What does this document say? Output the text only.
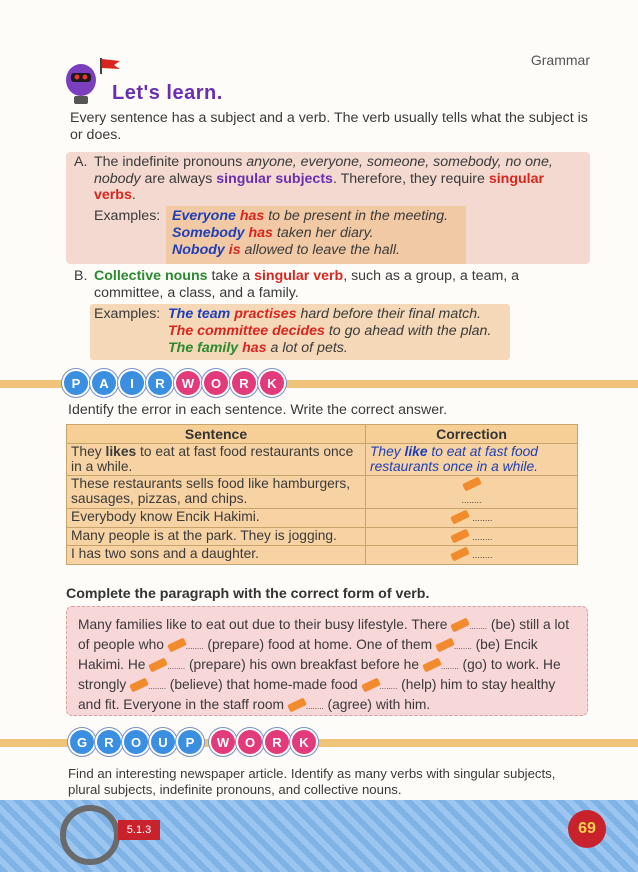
Grammar
Let's learn.
Every sentence has a subject and a verb. The verb usually tells what the subject is or does.
A. The indefinite pronouns anyone, everyone, someone, somebody, no one, nobody are always singular subjects. Therefore, they require singular verbs.
Examples: Everyone has to be present in the meeting.
Somebody has taken her diary.
Nobody is allowed to leave the hall.
B. Collective nouns take a singular verb, such as a group, a team, a committee, a class, and a family.
Examples: The team practises hard before their final match.
The committee decides to go ahead with the plan.
The family has a lot of pets.
P	A	I	R	W	O	R	K
Identify the error in each sentence. Write the correct answer.
Sentence	Correction
They likes to eat at fast food restaurants once in a while.	They like to eat at fast food restaurants once in a while.
These restaurants sells food like hamburgers, sausages, pizzas, and chips.	........
Everybody know Encik Hakimi.	........
Many people is at the park. They is jogging.	........
I has two sons and a daughter.	........
Complete the paragraph with the correct form of verb.
Many families like to eat out due to their busy lifestyle. There	........ (be) still a lot of people who	........ (prepare) food at home. One of them	........ (be) Encik Hakimi. He	........ (prepare) his own breakfast before he	........ (go) to work. He strongly	........ (believe) that home-made food	........ (help) him to stay healthy and fit. Everyone in the staff room	........ (agree) with him.
G	R	O	U	P	W	O	R	K
Find an interesting newspaper article. Identify as many verbs with singular subjects, plural subjects, indefinite pronouns, and collective nouns.
5.1.3	69
